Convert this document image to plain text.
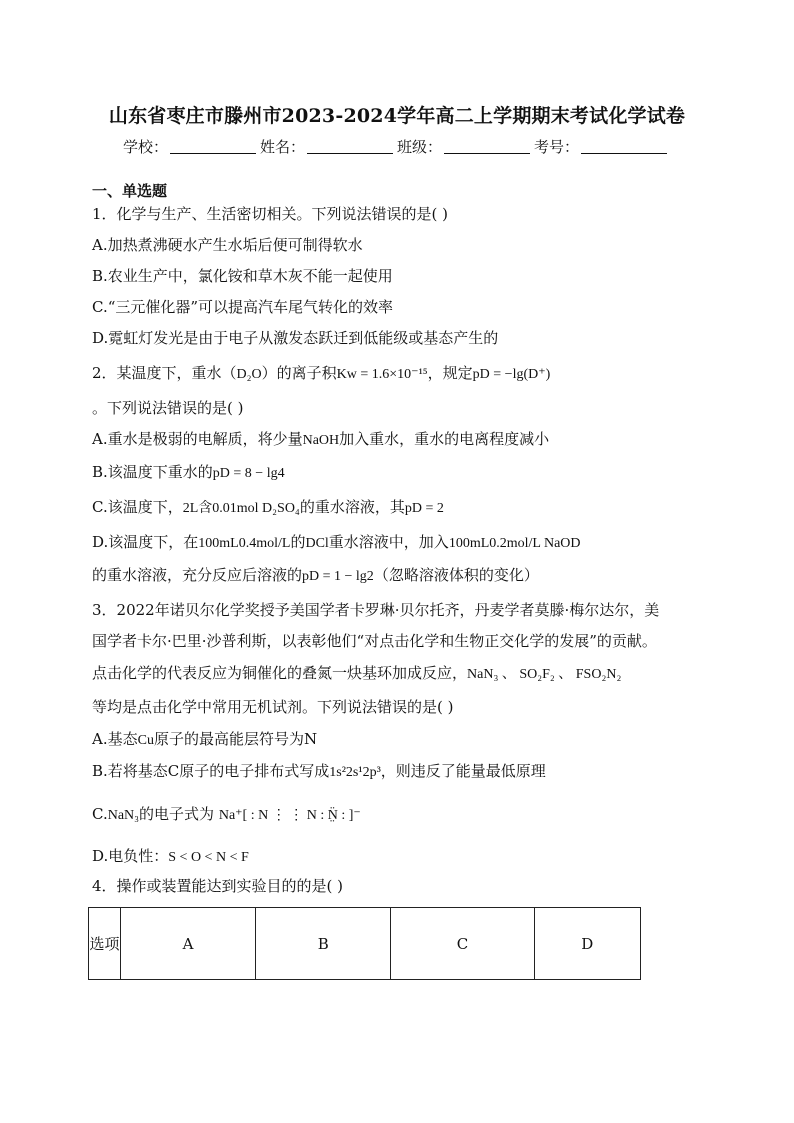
山东省枣庄市滕州市2023-2024学年高二上学期期末考试化学试卷
学校：	姓名：	班级：	考号：
一、单选题
1．化学与生产、生活密切相关。下列说法错误的是( )
A.加热煮沸硬水产生水垢后便可制得软水
B.农业生产中，氯化铵和草木灰不能一起使用
C.“三元催化器”可以提高汽车尾气转化的效率
D.霓虹灯发光是由于电子从激发态跃迁到低能级或基态产生的
2．某温度下，重水（D₂O）的离子积Kw = 1.6×10⁻¹⁵，规定pD = −lg(D⁺)
。下列说法错误的是( )
A.重水是极弱的电解质，将少量NaOH加入重水，重水的电离程度减小
B.该温度下重水的pD = 8 − lg4
C.该温度下，2L含0.01mol D₂SO₄的重水溶液，其pD = 2
D.该温度下，在100mL0.4mol/L的DCl重水溶液中，加入100mL0.2mol/L NaOD
的重水溶液，充分反应后溶液的pD = 1 − lg2（忽略溶液体积的变化）
3．2022年诺贝尔化学奖授予美国学者卡罗琳·贝尔托齐，丹麦学者莫滕·梅尔达尔，美
国学者卡尔·巴里·沙普利斯，以表彰他们“对点击化学和生物正交化学的发展”的贡献。
点击化学的代表反应为铜催化的叠氮一炔基环加成反应，NaN₃ 、 SO₂F₂ 、 FSO₂N₂
等均是点击化学中常用无机试剂。下列说法错误的是( )
A.基态Cu原子的最高能层符号为N
B.若将基态C原子的电子排布式写成1s²2s¹2p³，则违反了能量最低原理
C.NaN₃的电子式为 Na⁺[ : N ⋮ ⋮ N : N̤̈ : ]⁻
D.电负性：S < O < N < F
4．操作或装置能达到实验目的的是( )
选项	A	B	C	D
